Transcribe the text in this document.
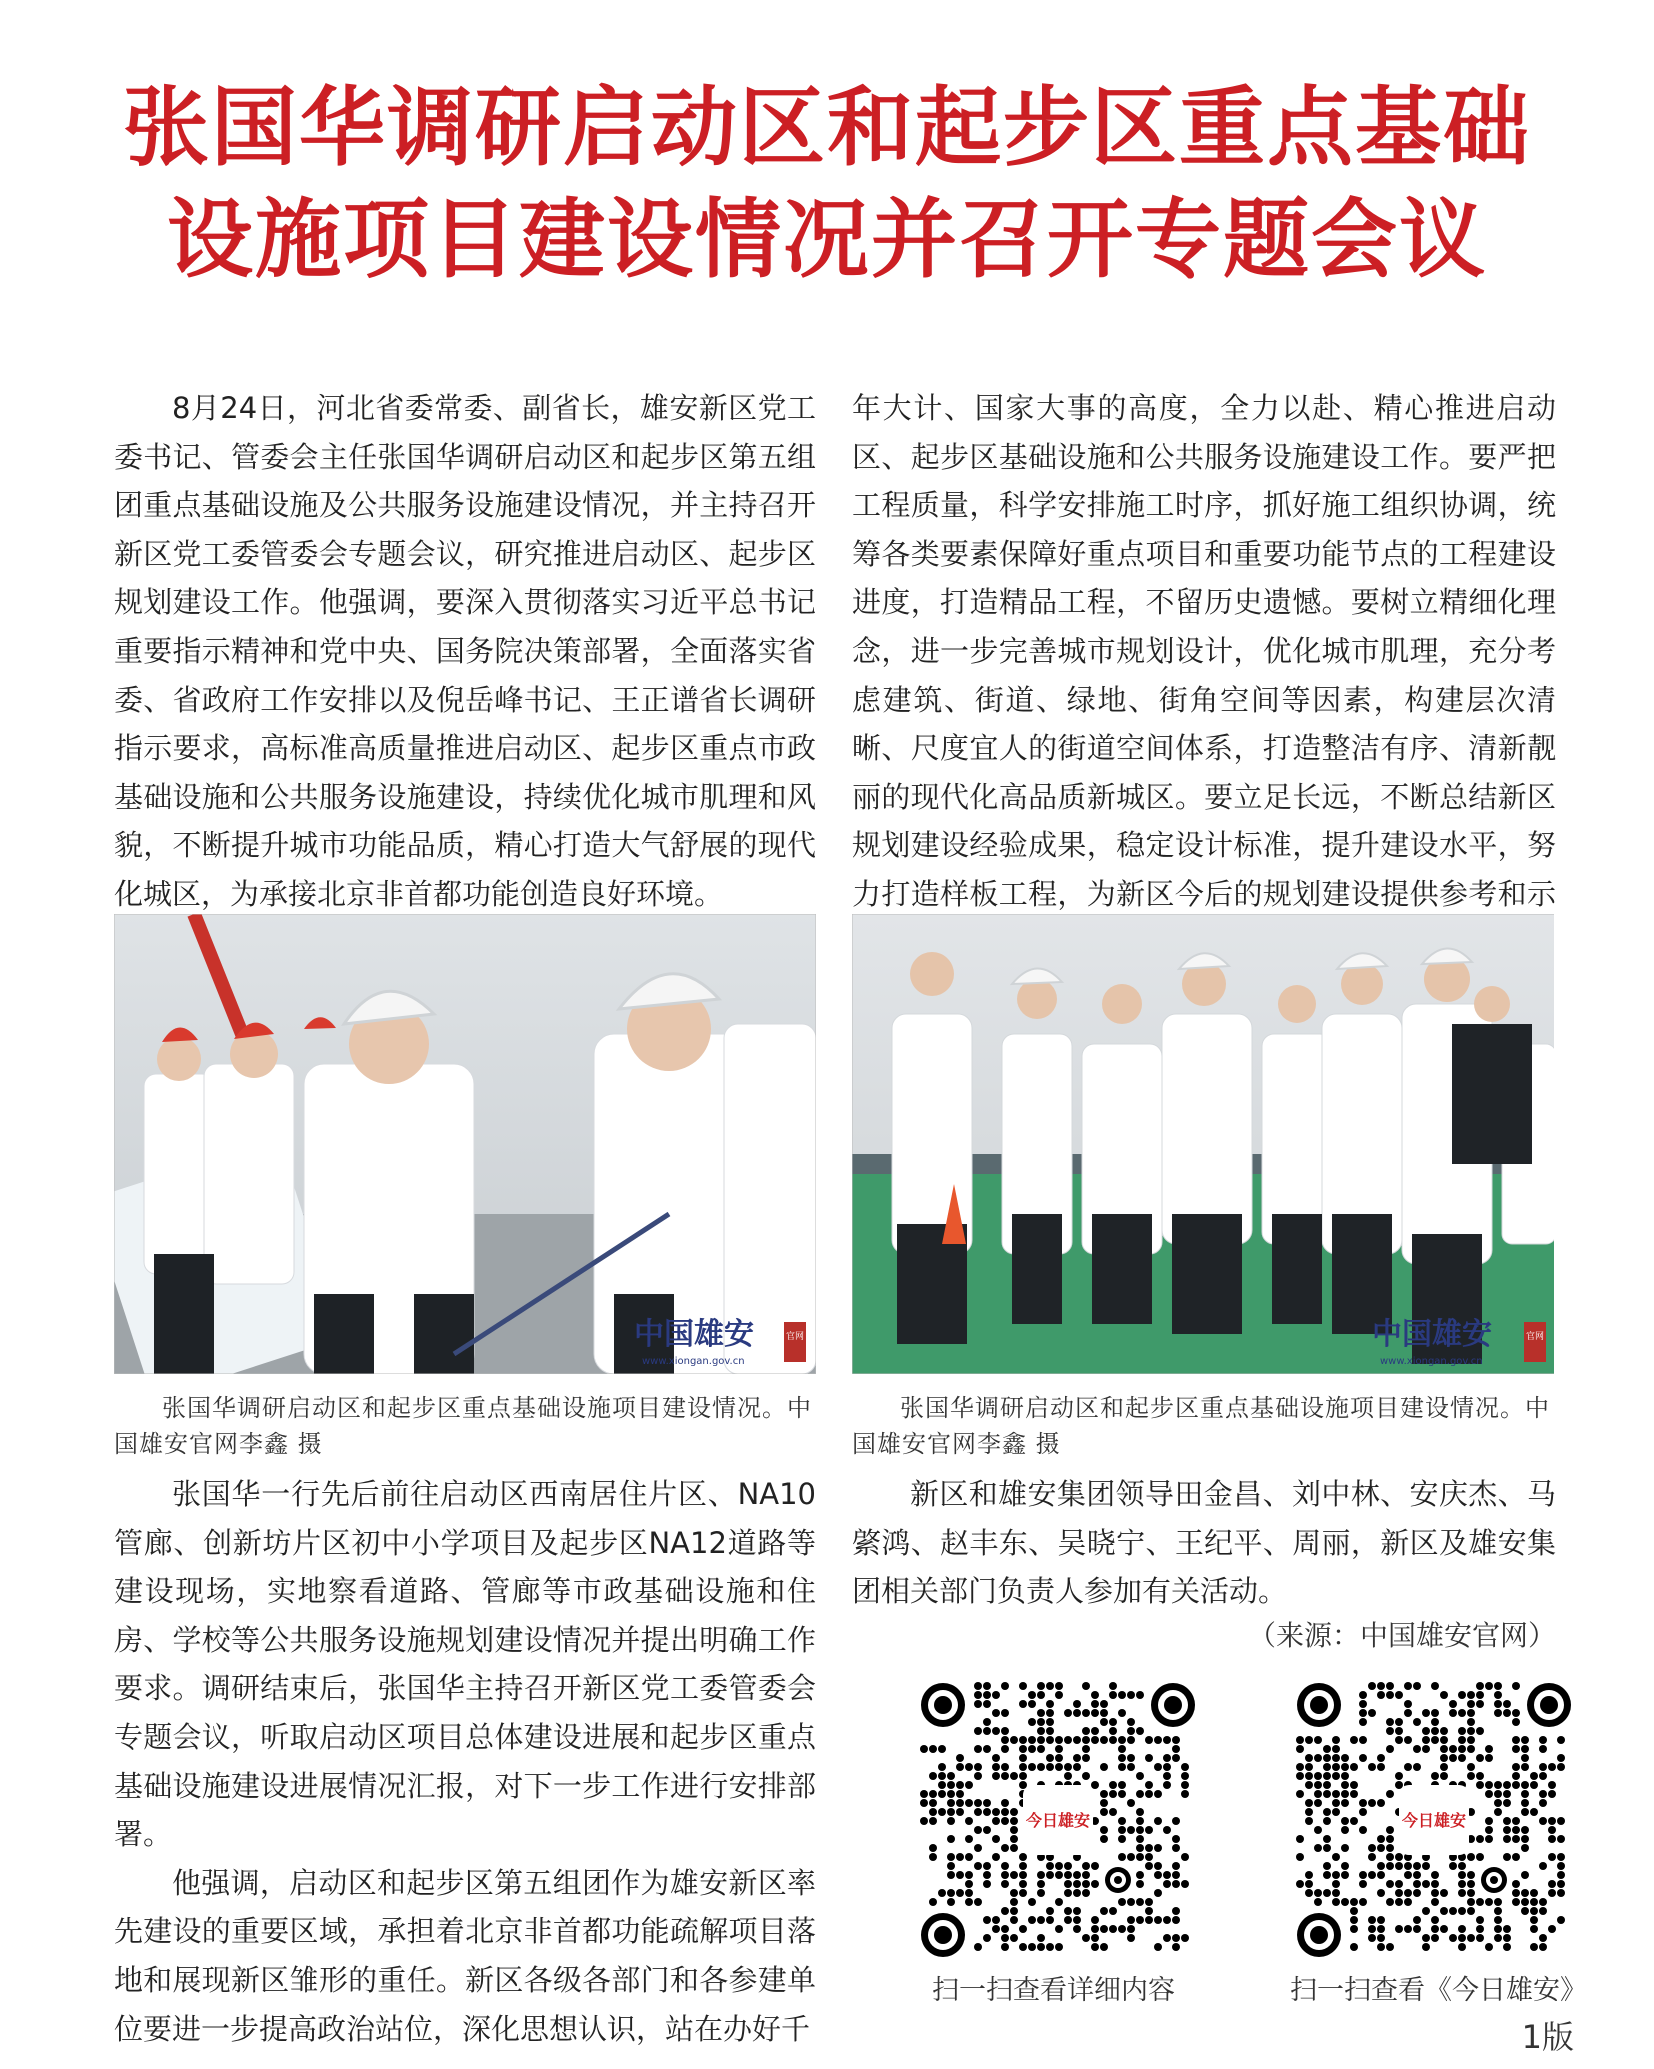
张国华调研启动区和起步区重点基础
设施项目建设情况并召开专题会议

8月24日，河北省委常委、副省长，雄安新区党工委书记、管委会主任张国华调研启动区和起步区第五组团重点基础设施及公共服务设施建设情况，并主持召开新区党工委管委会专题会议，研究推进启动区、起步区规划建设工作。他强调，要深入贯彻落实习近平总书记重要指示精神和党中央、国务院决策部署，全面落实省委、省政府工作安排以及倪岳峰书记、王正谱省长调研指示要求，高标准高质量推进启动区、起步区重点市政基础设施和公共服务设施建设，持续优化城市肌理和风貌，不断提升城市功能品质，精心打造大气舒展的现代化城区，为承接北京非首都功能创造良好环境。

年大计、国家大事的高度，全力以赴、精心推进启动区、起步区基础设施和公共服务设施建设工作。要严把工程质量，科学安排施工时序，抓好施工组织协调，统筹各类要素保障好重点项目和重要功能节点的工程建设进度，打造精品工程，不留历史遗憾。要树立精细化理念，进一步完善城市规划设计，优化城市肌理，充分考虑建筑、街道、绿地、街角空间等因素，构建层次清晰、尺度宜人的街道空间体系，打造整洁有序、清新靓丽的现代化高品质新城区。要立足长远，不断总结新区规划建设经验成果，稳定设计标准，提升建设水平，努力打造样板工程，为新区今后的规划建设提供参考和示

中国雄安
www.xiongan.gov.cn
官网	中国雄安
www.xiongan.gov.cn
官网

张国华调研启动区和起步区重点基础设施项目建设情况。中国雄安官网李鑫 摄

张国华调研启动区和起步区重点基础设施项目建设情况。中国雄安官网李鑫 摄

张国华一行先后前往启动区西南居住片区、NA10管廊、创新坊片区初中小学项目及起步区NA12道路等建设现场，实地察看道路、管廊等市政基础设施和住房、学校等公共服务设施规划建设情况并提出明确工作要求。调研结束后，张国华主持召开新区党工委管委会专题会议，听取启动区项目总体建设进展和起步区重点基础设施建设进展情况汇报，对下一步工作进行安排部署。

他强调，启动区和起步区第五组团作为雄安新区率先建设的重要区域，承担着北京非首都功能疏解项目落地和展现新区雏形的重任。新区各级各部门和各参建单位要进一步提高政治站位，深化思想认识，站在办好千

新区和雄安集团领导田金昌、刘中林、安庆杰、马綮鸿、赵丰东、吴晓宁、王纪平、周丽，新区及雄安集团相关部门负责人参加有关活动。

（来源：中国雄安官网）
今日雄安
扫一扫查看详细内容
今日雄安
扫一扫查看《今日雄安》
1版
